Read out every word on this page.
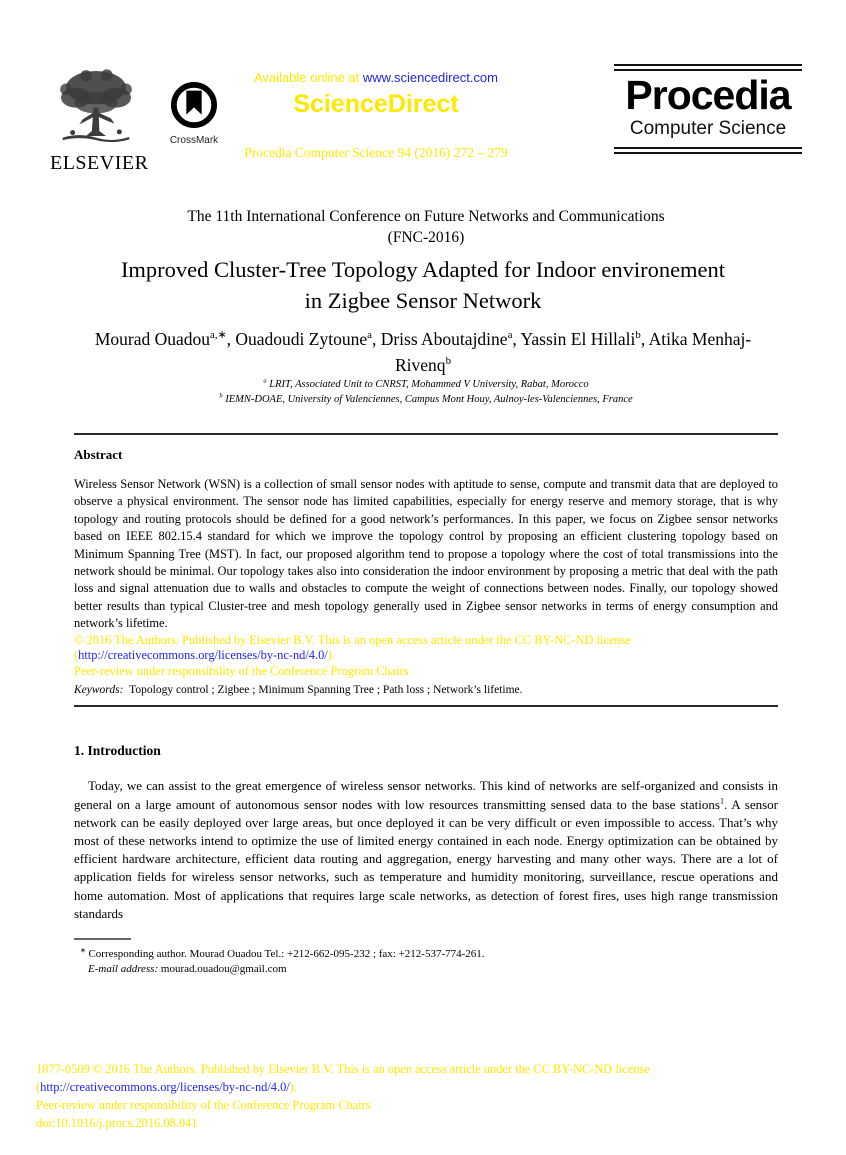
ELSEVIER
CrossMark
Available online at www.sciencedirect.com
ScienceDirect
Procedia Computer Science 94 (2016) 272 – 279
Procedia
Computer Science
The 11th International Conference on Future Networks and Communications
(FNC-2016)
Improved Cluster-Tree Topology Adapted for Indoor environement
in Zigbee Sensor Network
Mourad Ouadou$^{a,∗}$, Ouadoudi Zytoune$^a$, Driss Aboutajdine$^a$, Yassin El Hillali$^b$, Atika Menhaj-Rivenq$^b$
$^a$ LRIT, Associated Unit to CNRST, Mohammed V University, Rabat, Morocco
$^b$ IEMN-DOAE, University of Valenciennes, Campus Mont Houy, Aulnoy-les-Valenciennes, France
Abstract
Wireless Sensor Network (WSN) is a collection of small sensor nodes with aptitude to sense, compute and transmit data that are deployed to observe a physical environment. The sensor node has limited capabilities, especially for energy reserve and memory storage, that is why topology and routing protocols should be defined for a good network’s performances. In this paper, we focus on Zigbee sensor networks based on IEEE 802.15.4 standard for which we improve the topology control by proposing an efficient clustering topology based on Minimum Spanning Tree (MST). In fact, our proposed algorithm tend to propose a topology where the cost of total transmissions into the network should be minimal. Our topology takes also into consideration the indoor environment by proposing a metric that deal with the path loss and signal attenuation due to walls and obstacles to compute the weight of connections between nodes. Finally, our topology showed better results than typical Cluster-tree and mesh topology generally used in Zigbee sensor networks in terms of energy consumption and network’s lifetime.
© 2016 The Authors. Published by Elsevier B.V. This is an open access article under the CC BY-NC-ND license
(http://creativecommons.org/licenses/by-nc-nd/4.0/).
Peer-review under responsibility of the Conference Program Chairs
Keywords: Topology control ; Zigbee ; Minimum Spanning Tree ; Path loss ; Network’s lifetime.
1. Introduction
Today, we can assist to the great emergence of wireless sensor networks. This kind of networks are self-organized and consists in general on a large amount of autonomous sensor nodes with low resources transmitting sensed data to the base stations$^1$. A sensor network can be easily deployed over large areas, but once deployed it can be very difficult or even impossible to access. That’s why most of these networks intend to optimize the use of limited energy contained in each node. Energy optimization can be obtained by efficient hardware architecture, efficient data routing and aggregation, energy harvesting and many other ways. There are a lot of application fields for wireless sensor networks, such as temperature and humidity monitoring, surveillance, rescue operations and home automation. Most of applications that requires large scale networks, as detection of forest fires, uses high range transmission standards
∗ Corresponding author. Mourad Ouadou Tel.: +212-662-095-232 ; fax: +212-537-774-261.
E-mail address: mourad.ouadou@gmail.com
1877-0509 © 2016 The Authors. Published by Elsevier B.V. This is an open access article under the CC BY-NC-ND license
(http://creativecommons.org/licenses/by-nc-nd/4.0/).
Peer-review under responsibility of the Conference Program Chairs
doi:10.1016/j.procs.2016.08.041
